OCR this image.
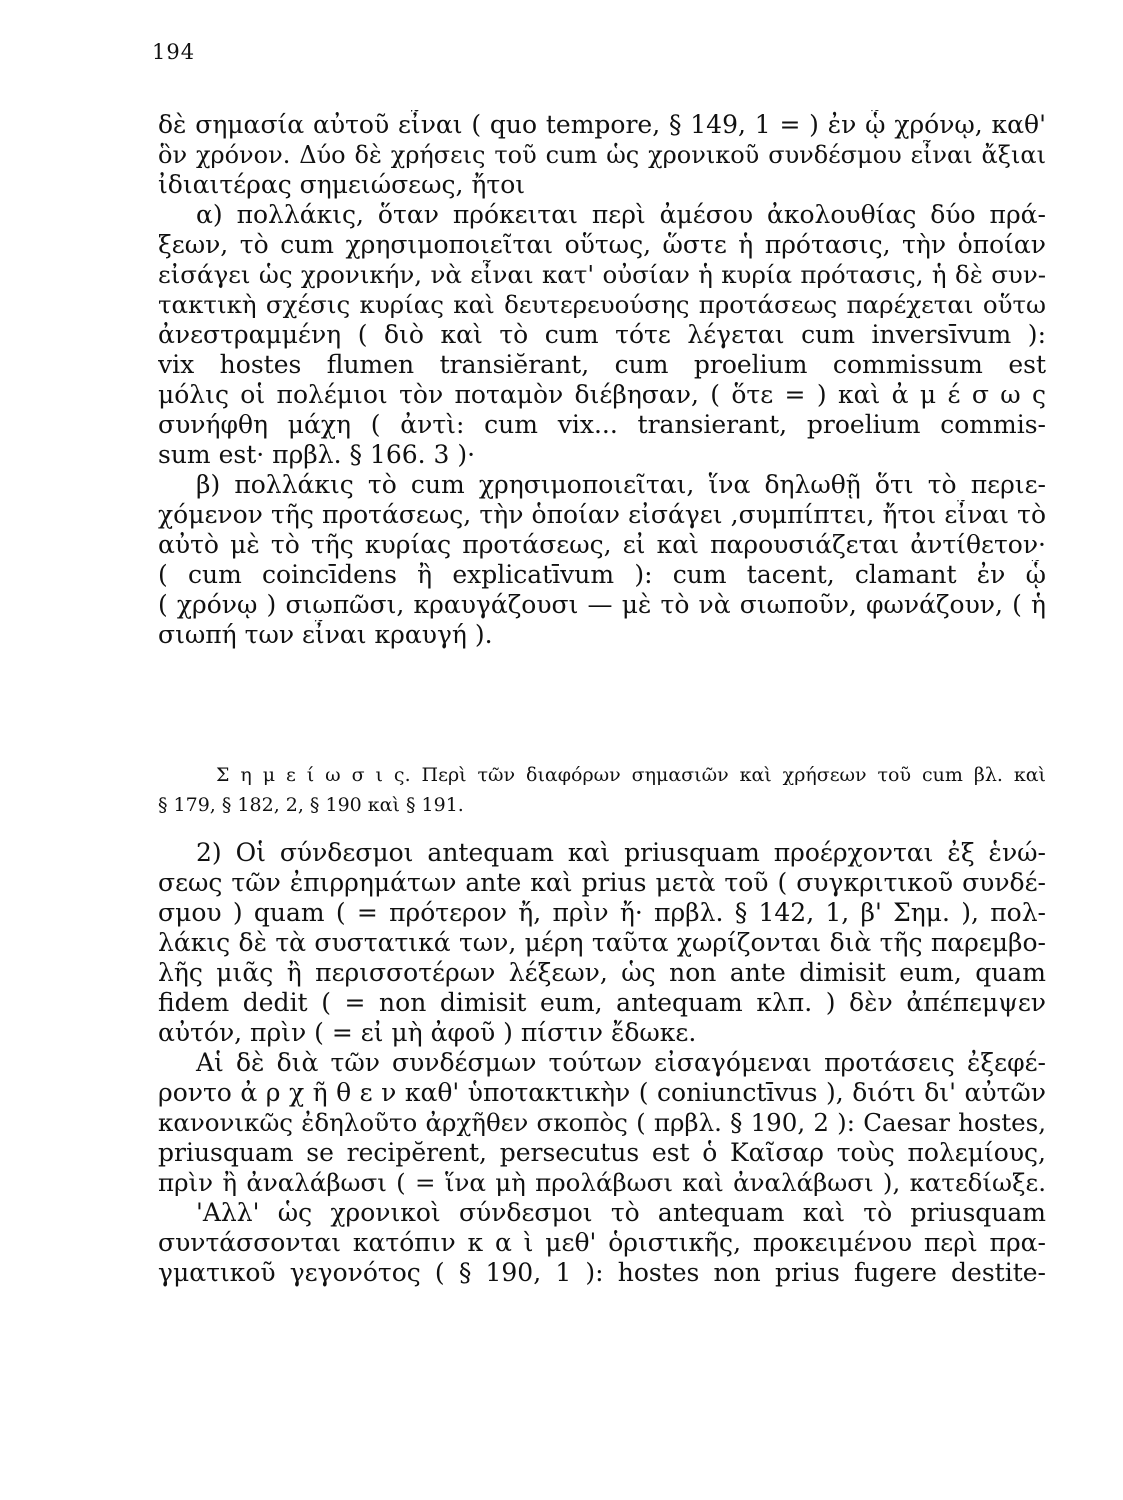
194
δὲ σημασία αὐτοῦ εἶναι ( quo tempore, § 149, 1 = ) ἐν ᾧ χρόνῳ, καθ'
ὃν χρόνον. Δύο δὲ χρήσεις τοῦ cum ὡς χρονικοῦ συνδέσμου εἶναι ἄξιαι
ἰδιαιτέρας σημειώσεως, ἤτοι
α) πολλάκις, ὅταν πρόκειται περὶ ἀμέσου ἀκολουθίας δύο πρά-
ξεων, τὸ cum χρησιμοποιεῖται οὕτως, ὥστε ἡ πρότασις, τὴν ὁποίαν
εἰσάγει ὡς χρονικήν, νὰ εἶναι κατ' οὐσίαν ἡ κυρία πρότασις, ἡ δὲ συν-
τακτικὴ σχέσις κυρίας καὶ δευτερευούσης προτάσεως παρέχεται οὕτω
ἀνεστραμμένη ( διὸ καὶ τὸ cum τότε λέγεται cum inversīvum ):
vix hostes flumen transiĕrant, cum proelium commissum est
μόλις οἱ πολέμιοι τὸν ποταμὸν διέβησαν, ( ὅτε = ) καὶ ἀ μ έ σ ω ς
συνήφθη μάχη ( ἀντὶ: cum vix... transierant, proelium commis-
sum est· πρβλ. § 166. 3 )·
β) πολλάκις τὸ cum χρησιμοποιεῖται, ἵνα δηλωθῇ ὅτι τὸ περιε-
χόμενον τῆς προτάσεως, τὴν ὁποίαν εἰσάγει ,συμπίπτει, ἤτοι εἶναι τὸ
αὐτὸ μὲ τὸ τῆς κυρίας προτάσεως, εἰ καὶ παρουσιάζεται ἀντίθετον·
( cum coincīdens ἢ explicatīvum ): cum tacent, clamant ἐν ᾧ
( χρόνῳ ) σιωπῶσι, κραυγάζουσι — μὲ τὸ νὰ σιωποῦν, φωνάζουν, ( ἡ
σιωπή των εἶναι κραυγή ).
Σ η μ ε ί ω σ ι ς. Περὶ τῶν διαφόρων σημασιῶν καὶ χρήσεων τοῦ cum βλ. καὶ
§ 179, § 182, 2, § 190 καὶ § 191.
2) Οἱ σύνδεσμοι antequam καὶ priusquam προέρχονται ἐξ ἑνώ-
σεως τῶν ἐπιρρημάτων ante καὶ prius μετὰ τοῦ ( συγκριτικοῦ συνδέ-
σμου ) quam ( = πρότερον ἤ, πρὶν ἤ· πρβλ. § 142, 1, β' Σημ. ), πολ-
λάκις δὲ τὰ συστατικά των, μέρη ταῦτα χωρίζονται διὰ τῆς παρεμβο-
λῆς μιᾶς ἢ περισσοτέρων λέξεων, ὡς non ante dimisit eum, quam
fidem dedit ( = non dimisit eum, antequam κλπ. ) δὲν ἀπέπεμψεν
αὐτόν, πρὶν ( = εἰ μὴ ἀφοῦ ) πίστιν ἔδωκε.
Αἱ δὲ διὰ τῶν συνδέσμων τούτων εἰσαγόμεναι προτάσεις ἐξεφέ-
ροντο ἀ ρ χ ῆ θ ε ν καθ' ὑποτακτικὴν ( coniunctīvus ), διότι δι' αὐτῶν
κανονικῶς ἐδηλοῦτο ἀρχῆθεν σκοπὸς ( πρβλ. § 190, 2 ): Caesar hostes,
priusquam se recipĕrent, persecutus est ὁ Καῖσαρ τοὺς πολεμίους,
πρὶν ἢ ἀναλάβωσι ( = ἵνα μὴ προλάβωσι καὶ ἀναλάβωσι ), κατεδίωξε.
'Αλλ' ὡς χρονικοὶ σύνδεσμοι τὸ antequam καὶ τὸ priusquam
συντάσσονται κατόπιν κ α ὶ μεθ' ὁριστικῆς, προκειμένου περὶ πρα-
γματικοῦ γεγονότος ( § 190, 1 ): hostes non prius fugere destite-
